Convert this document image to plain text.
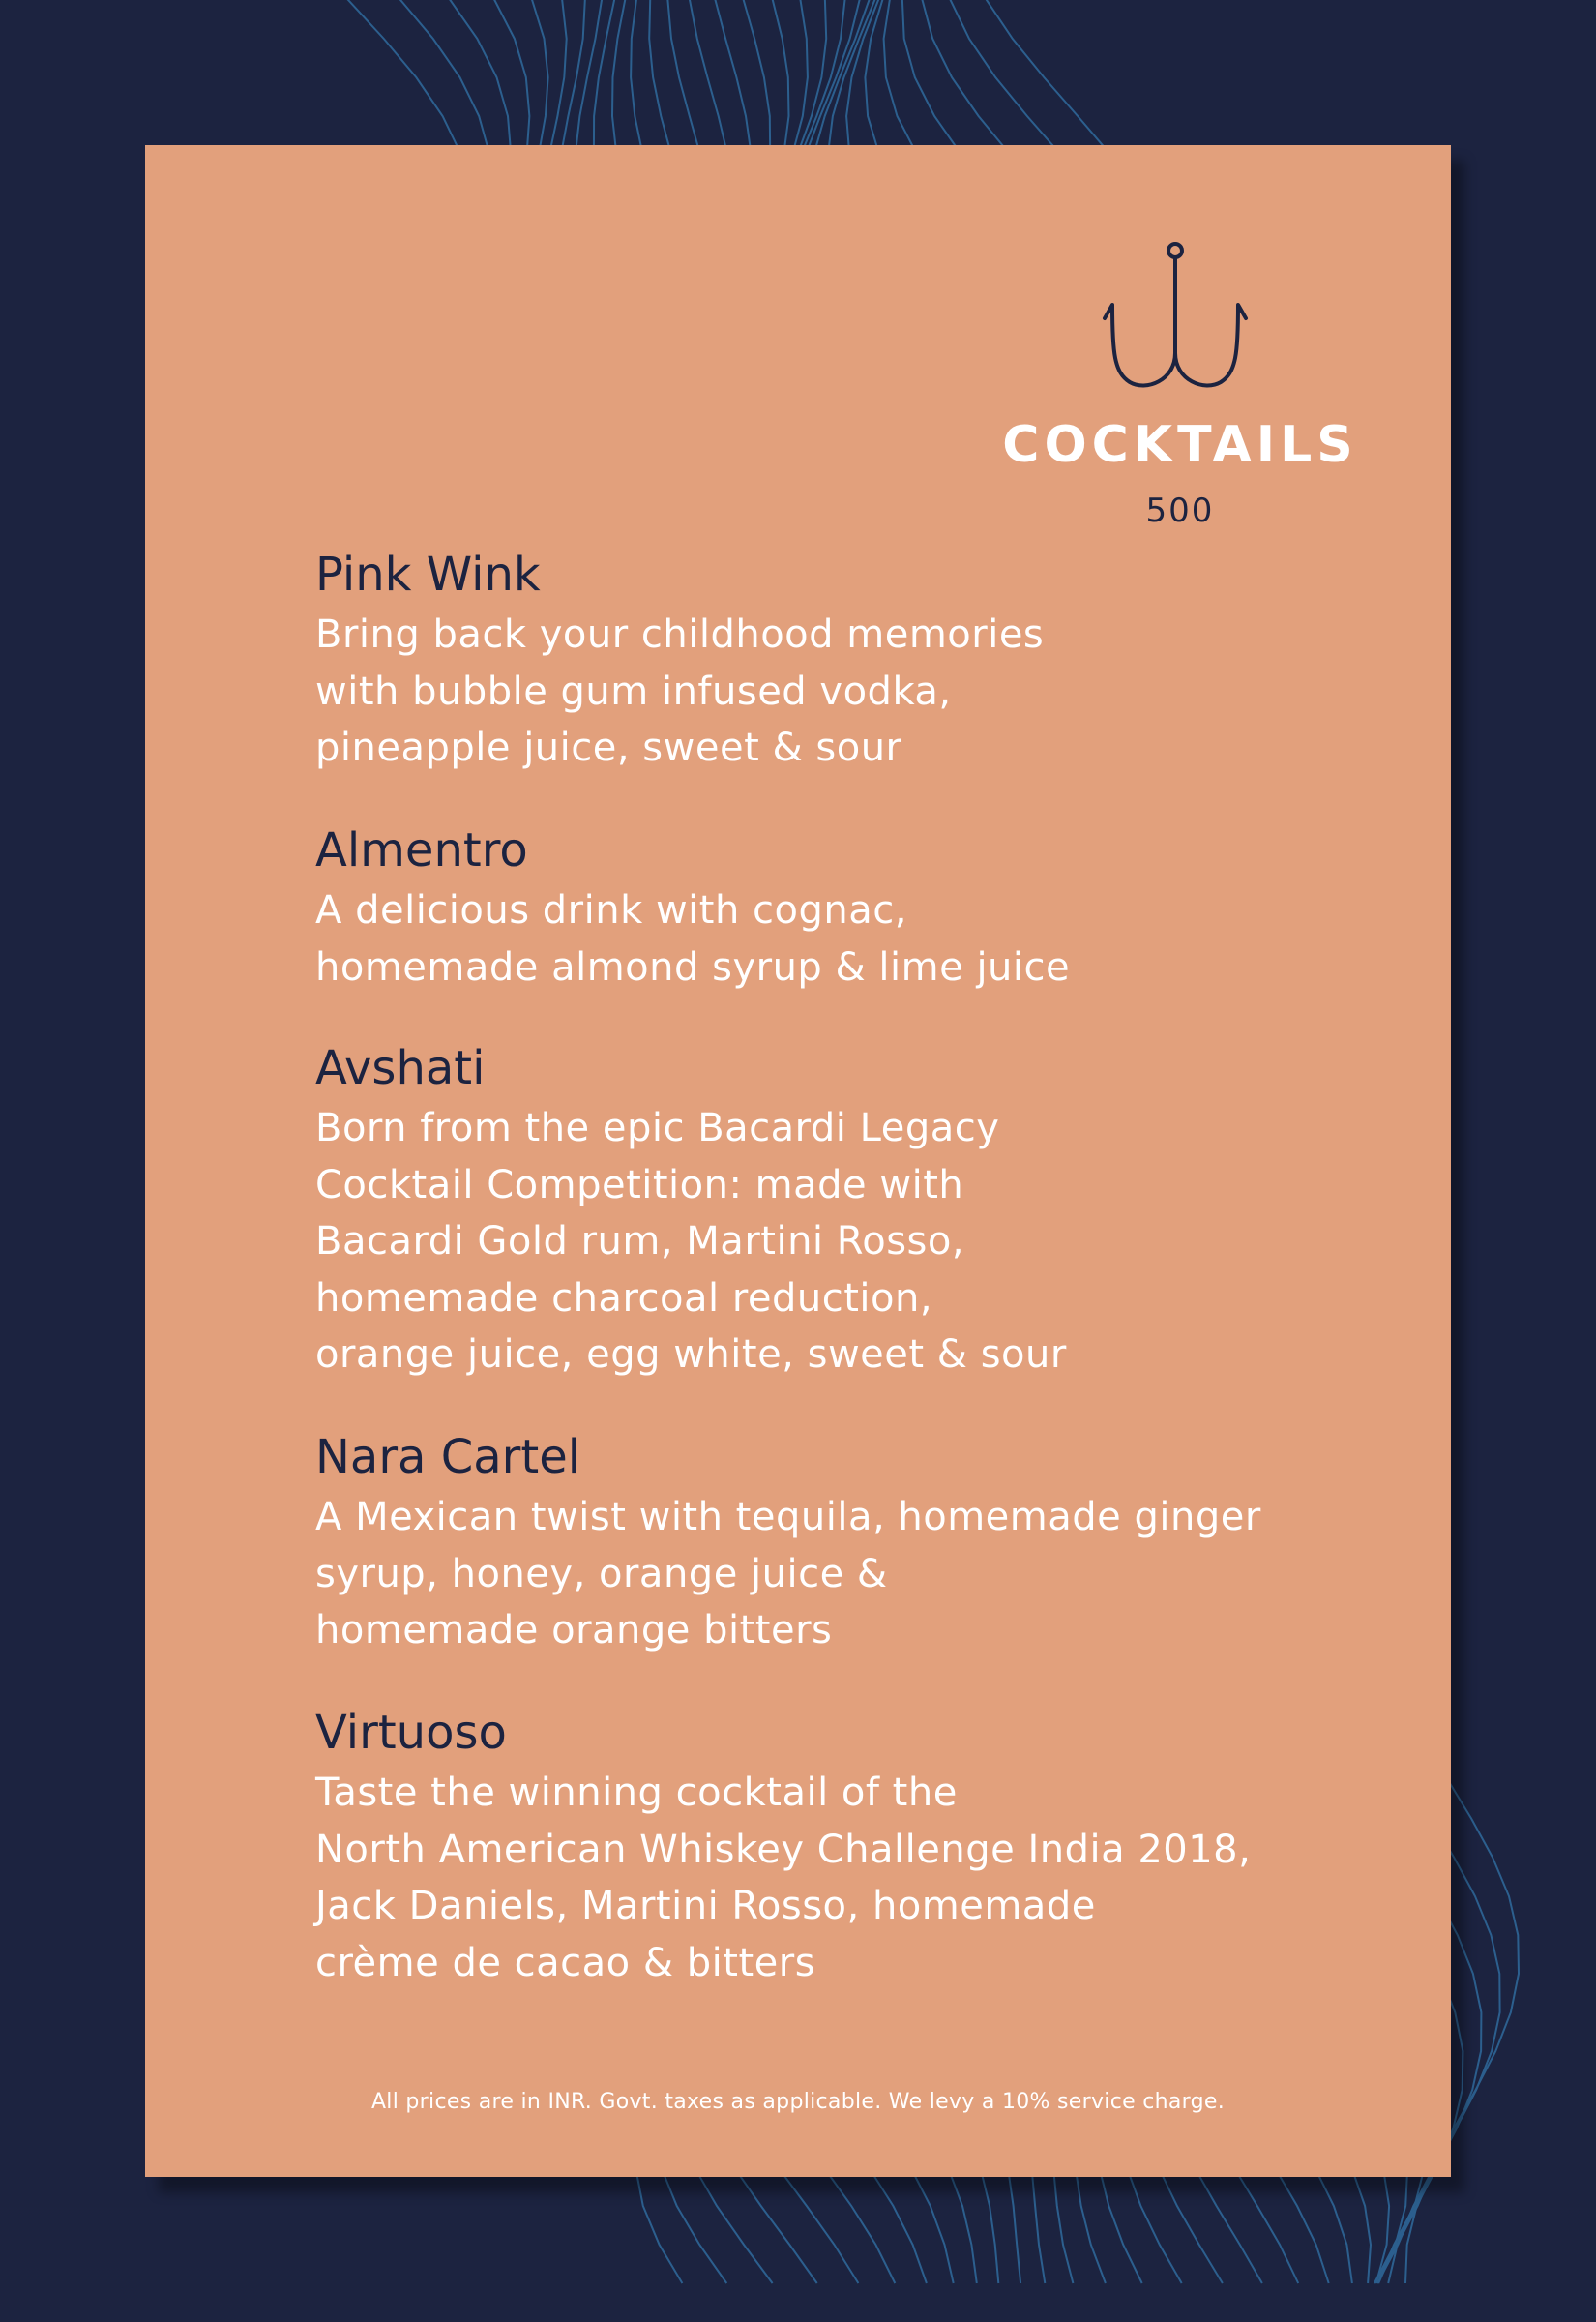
COCKTAILS
500
Pink Wink
Bring back your childhood memories
with bubble gum infused vodka,
pineapple juice, sweet & sour
Almentro
A delicious drink with cognac,
homemade almond syrup & lime juice
Avshati
Born from the epic Bacardi Legacy
Cocktail Competition: made with
Bacardi Gold rum, Martini Rosso,
homemade charcoal reduction,
orange juice, egg white, sweet & sour
Nara Cartel
A Mexican twist with tequila, homemade ginger
syrup, honey, orange juice &
homemade orange bitters
Virtuoso
Taste the winning cocktail of the
North American Whiskey Challenge India 2018,
Jack Daniels, Martini Rosso, homemade
crème de cacao & bitters
All prices are in INR. Govt. taxes as applicable. We levy a 10% service charge.
